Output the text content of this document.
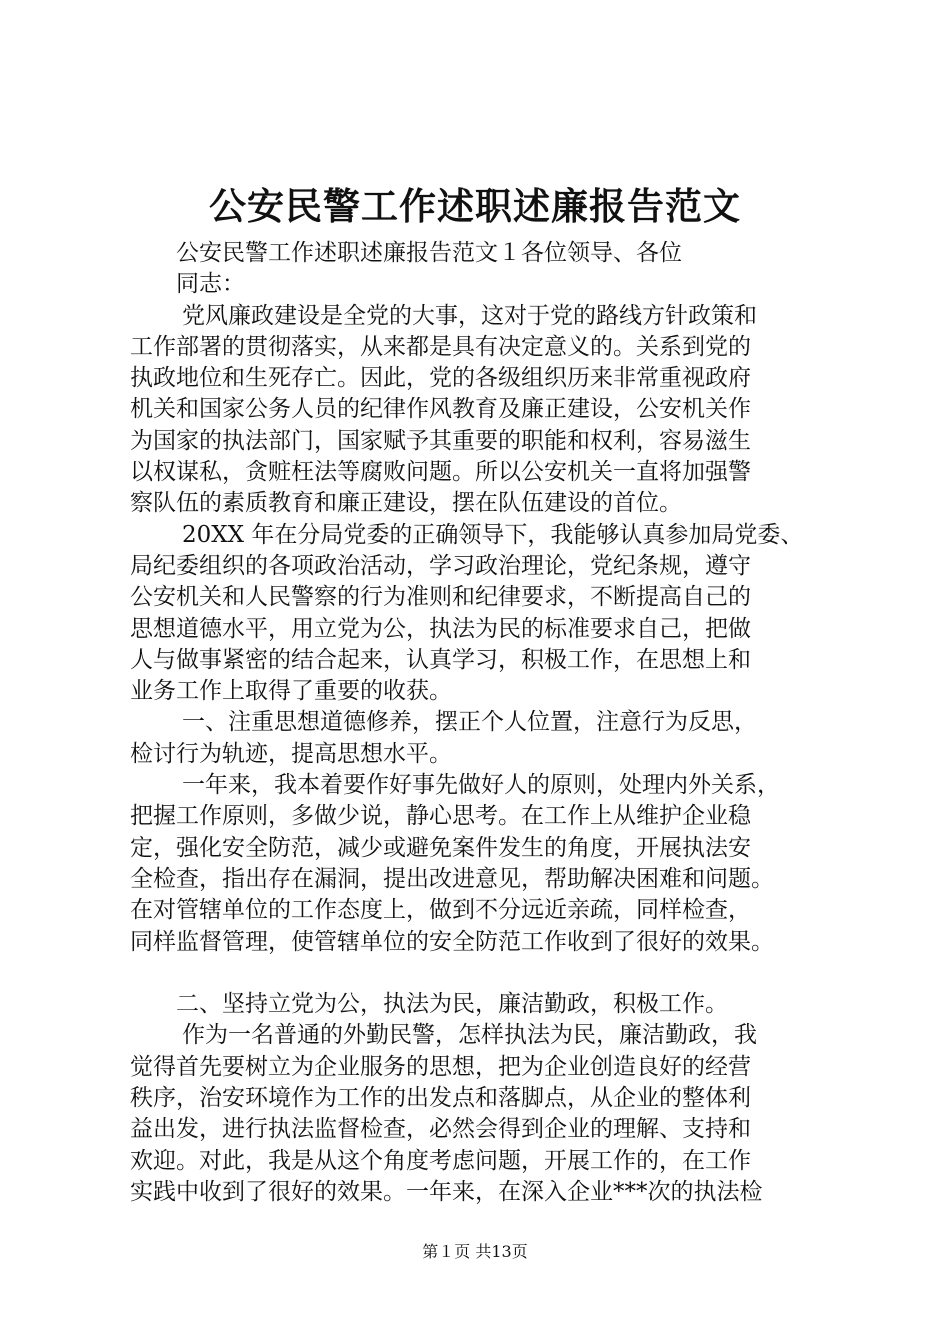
公安民警工作述职述廉报告范文
公安民警工作述职述廉报告范文１各位领导、各位
同志：
党风廉政建设是全党的大事，这对于党的路线方针政策和
工作部署的贯彻落实，从来都是具有决定意义的。关系到党的
执政地位和生死存亡。因此，党的各级组织历来非常重视政府
机关和国家公务人员的纪律作风教育及廉正建设，公安机关作
为国家的执法部门，国家赋予其重要的职能和权利，容易滋生
以权谋私，贪赃枉法等腐败问题。所以公安机关一直将加强警
察队伍的素质教育和廉正建设，摆在队伍建设的首位。
20XX 年在分局党委的正确领导下，我能够认真参加局党委、
局纪委组织的各项政治活动，学习政治理论，党纪条规，遵守
公安机关和人民警察的行为准则和纪律要求，不断提高自己的
思想道德水平，用立党为公，执法为民的标准要求自己，把做
人与做事紧密的结合起来，认真学习，积极工作，在思想上和
业务工作上取得了重要的收获。
一、注重思想道德修养，摆正个人位置，注意行为反思，
检讨行为轨迹，提高思想水平。
一年来，我本着要作好事先做好人的原则，处理内外关系，
把握工作原则，多做少说，静心思考。在工作上从维护企业稳
定，强化安全防范，减少或避免案件发生的角度，开展执法安
全检查，指出存在漏洞，提出改进意见，帮助解决困难和问题。
在对管辖单位的工作态度上，做到不分远近亲疏，同样检查，
同样监督管理，使管辖单位的安全防范工作收到了很好的效果。
二、坚持立党为公，执法为民，廉洁勤政，积极工作。
作为一名普通的外勤民警，怎样执法为民，廉洁勤政，我
觉得首先要树立为企业服务的思想，把为企业创造良好的经营
秩序，治安环境作为工作的出发点和落脚点，从企业的整体利
益出发，进行执法监督检查，必然会得到企业的理解、支持和
欢迎。对此，我是从这个角度考虑问题，开展工作的，在工作
实践中收到了很好的效果。一年来，在深入企业***次的执法检
第１页 共13页
